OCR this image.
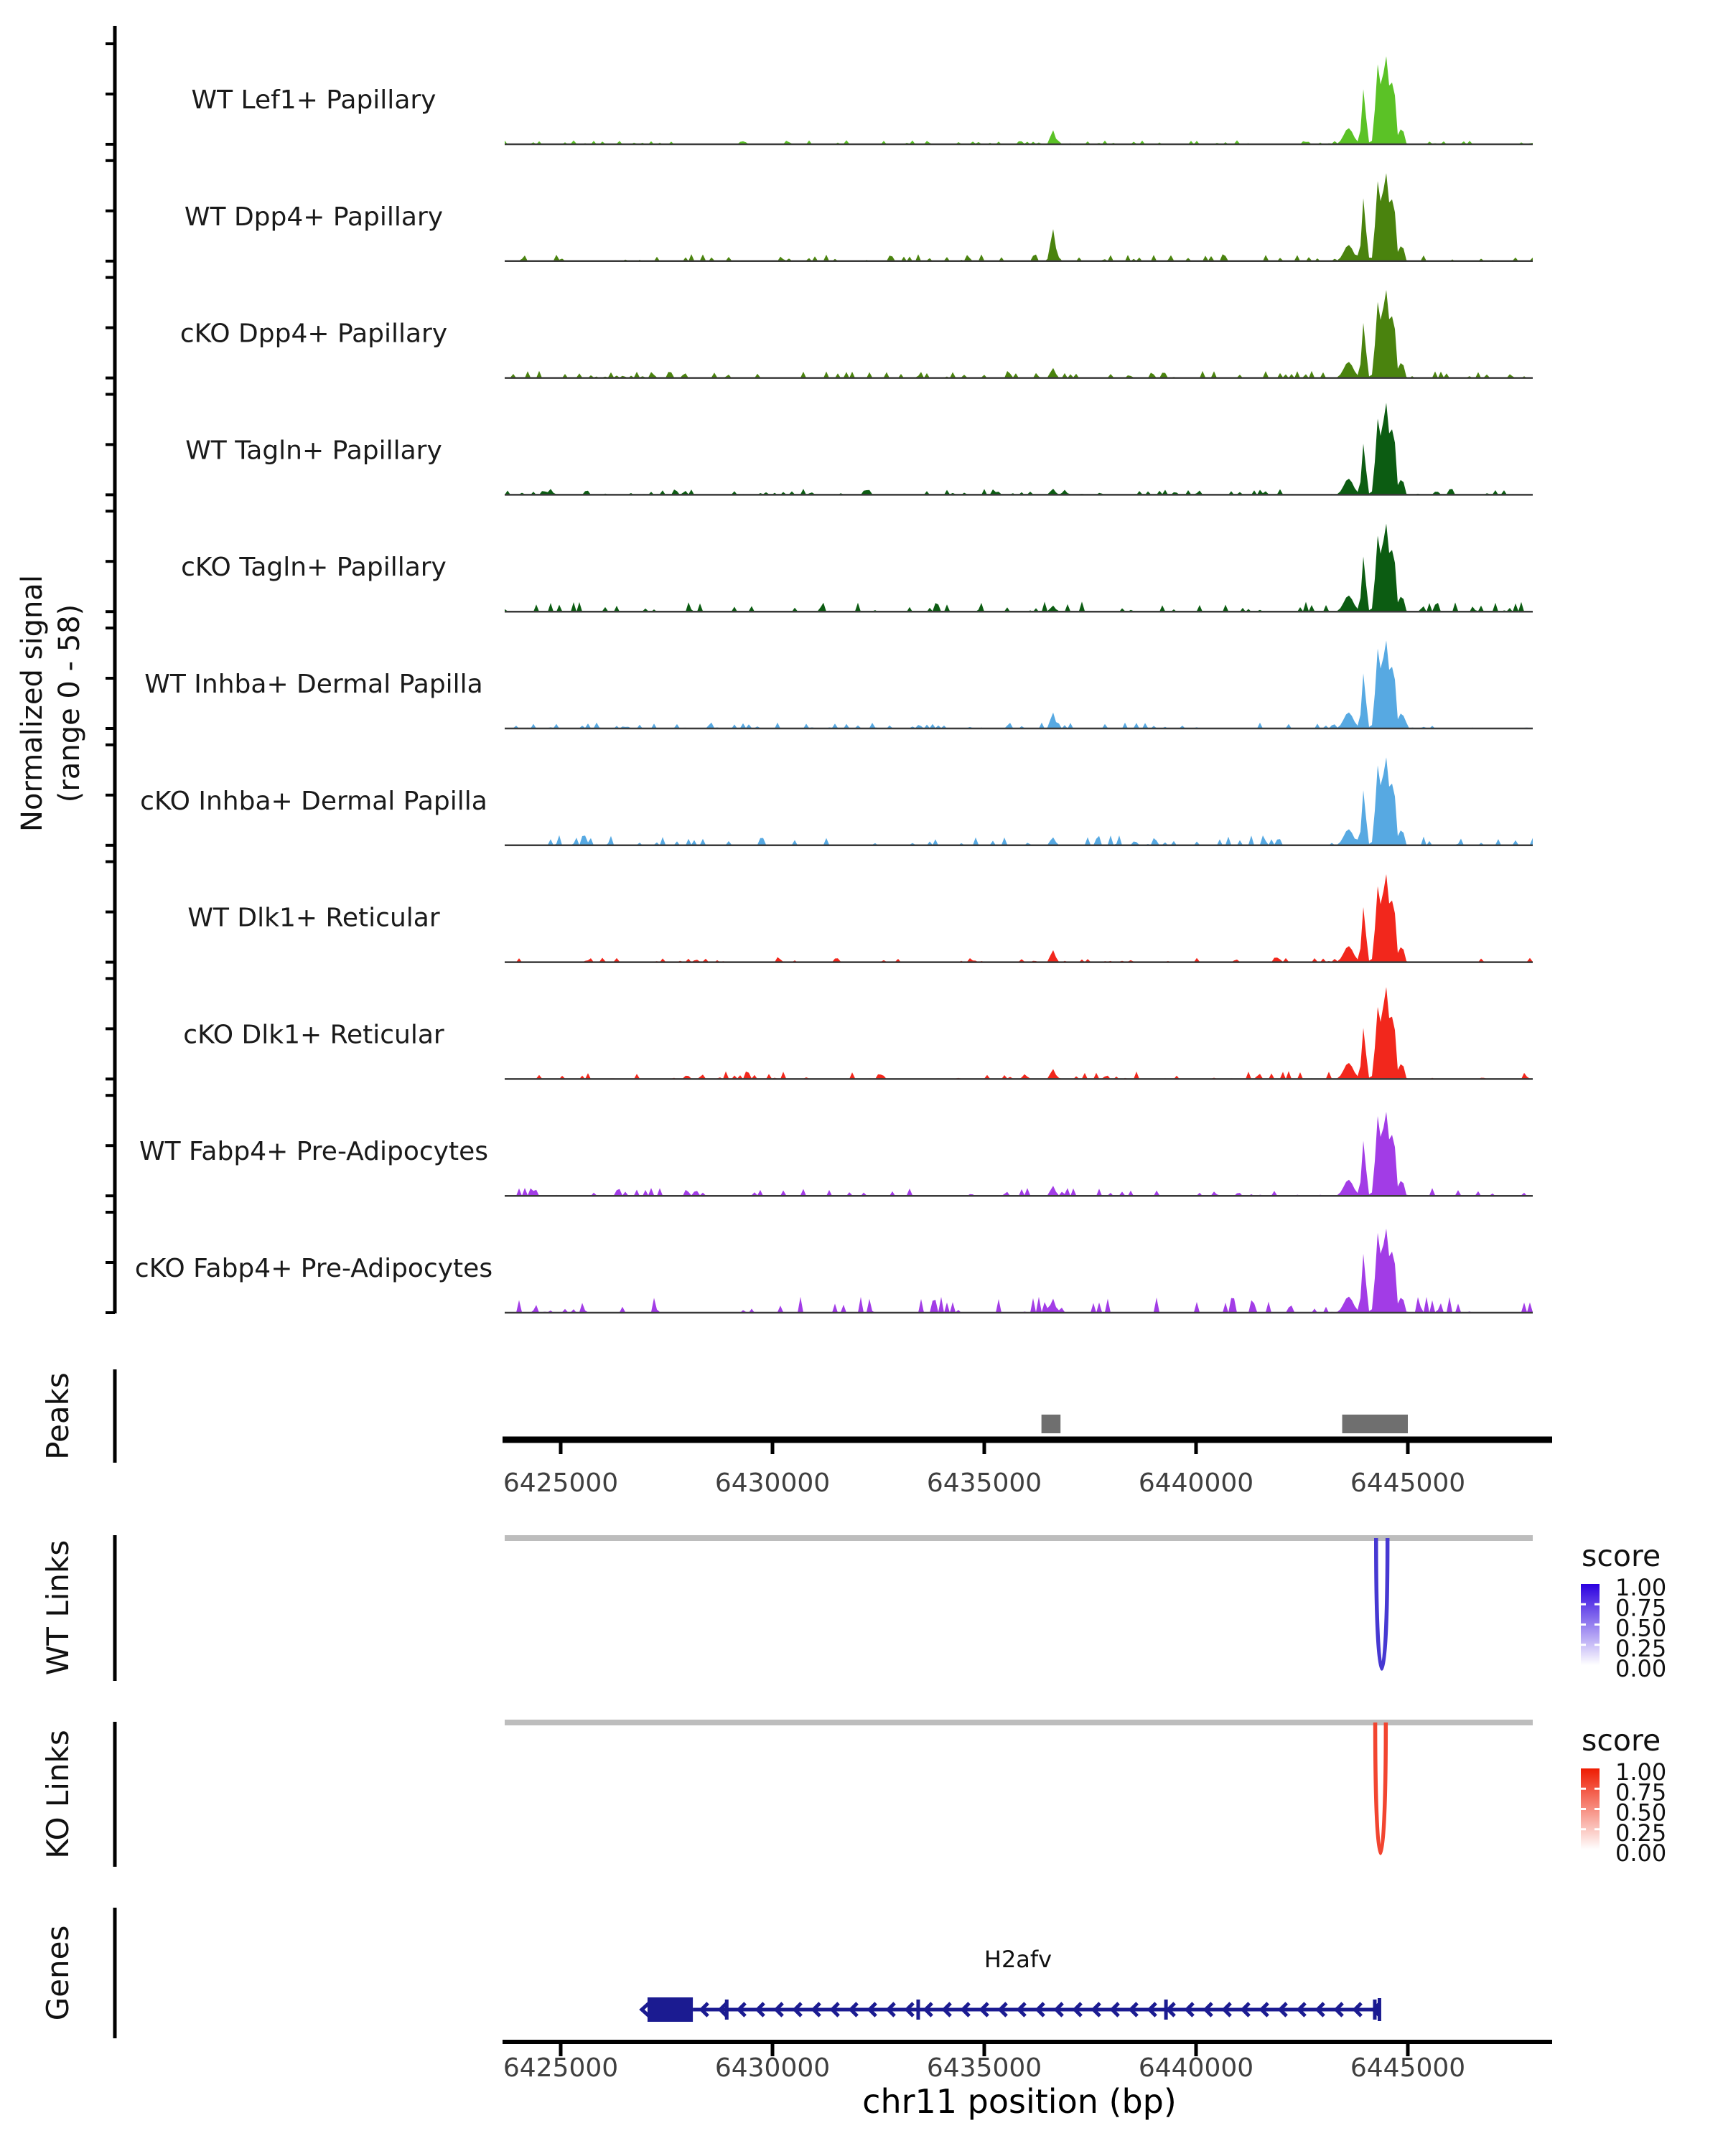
Normalized signal (range 0 - 58)
Peaks
WT Links
KO Links
Genes
WT Lef1+ Papillary
WT Dpp4+ Papillary
cKO Dpp4+ Papillary
WT Tagln+ Papillary
cKO Tagln+ Papillary
WT Inhba+ Dermal Papilla
cKO Inhba+ Dermal Papilla
WT Dlk1+ Reticular
cKO Dlk1+ Reticular
WT Fabp4+ Pre-Adipocytes
cKO Fabp4+ Pre-Adipocytes
6425000	6430000	6435000	6440000	6445000
score
1.00
0.75
0.50
0.25
0.00
score
1.00
0.75
0.50
0.25
0.00
H2afv
6425000	6430000	6435000	6440000	6445000
chr11 position (bp)
